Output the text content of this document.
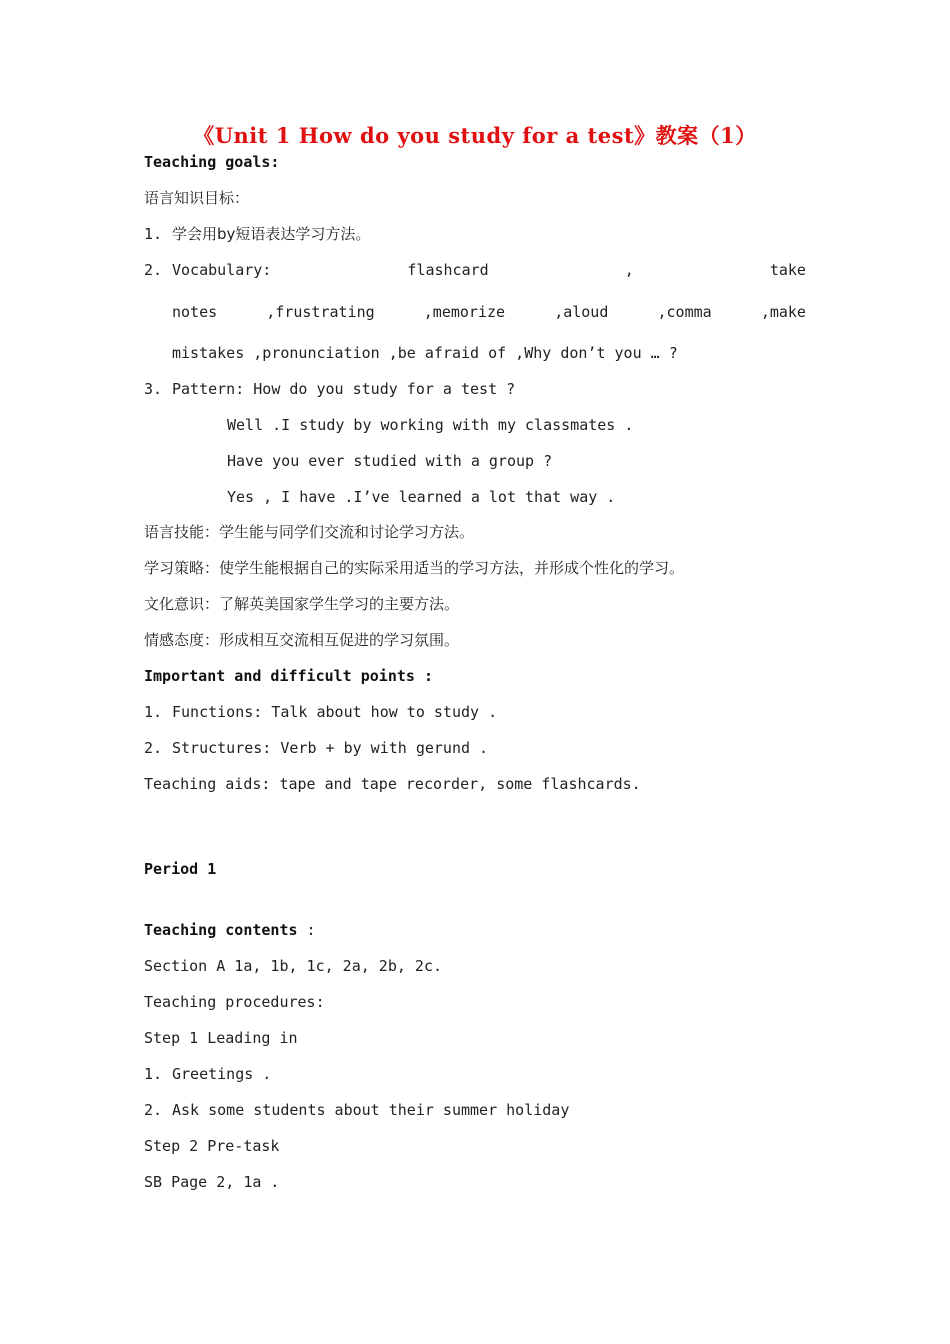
《Unit 1 How do you study for a test》教案（1）
Teaching goals:
语言知识目标：
1. 学会用by短语表达学习方法。
2. Vocabulary:	flashcard	,	take
notes	,frustrating	,memorize	,aloud	,comma	,make
mistakes ,pronunciation ,be afraid of ,Why don’t you … ?
3. Pattern: How do you study for a test ?
Well .I study by working with my classmates .
Have you ever studied with a group ?
Yes , I have .I’ve learned a lot that way .
语言技能：学生能与同学们交流和讨论学习方法。
学习策略：使学生能根据自己的实际采用适当的学习方法，并形成个性化的学习。
文化意识：了解英美国家学生学习的主要方法。
情感态度：形成相互交流相互促进的学习氛围。
Important and difficult points :
1. Functions: Talk about how to study .
2. Structures: Verb + by with gerund .
Teaching aids: tape and tape recorder, some flashcards.
Period 1
Teaching contents :
Section A 1a, 1b, 1c, 2a, 2b, 2c.
Teaching procedures:
Step 1 Leading in
1. Greetings .
2. Ask some students about their summer holiday
Step 2 Pre-task
SB Page 2, 1a .
